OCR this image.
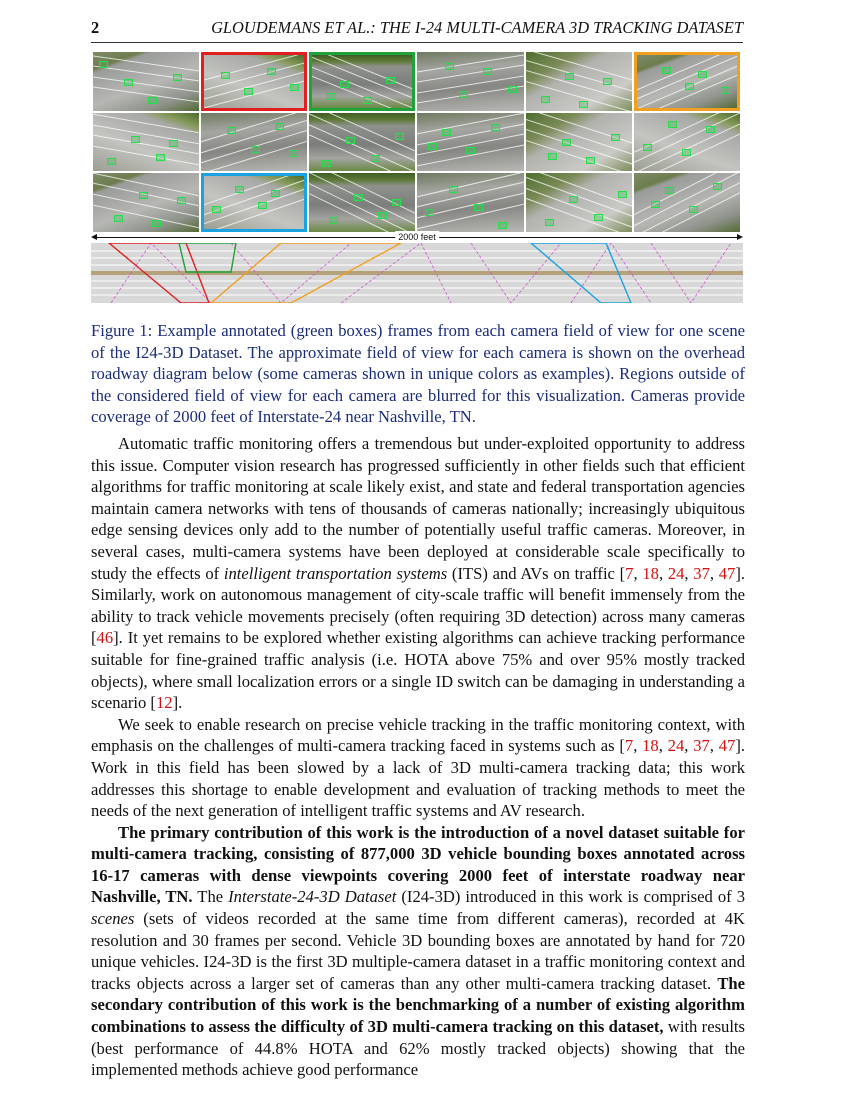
2	GLOUDEMANS ET AL.: THE I-24 MULTI-CAMERA 3D TRACKING DATASET
2000 feet

Figure 1: Example annotated (green boxes) frames from each camera field of view for one scene of the I24-3D Dataset. The approximate field of view for each camera is shown on the overhead roadway diagram below (some cameras shown in unique colors as examples). Regions outside of the considered field of view for each camera are blurred for this visualization. Cameras provide coverage of 2000 feet of Interstate-24 near Nashville, TN.

Automatic traffic monitoring offers a tremendous but under-exploited opportunity to address this issue. Computer vision research has progressed sufficiently in other fields such that efficient algorithms for traffic monitoring at scale likely exist, and state and federal transportation agencies maintain camera networks with tens of thousands of cameras nationally; increasingly ubiquitous edge sensing devices only add to the number of potentially useful traffic cameras. Moreover, in several cases, multi-camera systems have been deployed at considerable scale specifically to study the effects of intelligent transportation systems (ITS) and AVs on traffic [7, 18, 24, 37, 47]. Similarly, work on autonomous management of city-scale traffic will benefit immensely from the ability to track vehicle movements precisely (often requiring 3D detection) across many cameras [46]. It yet remains to be explored whether existing algorithms can achieve tracking performance suitable for fine-grained traffic analysis (i.e. HOTA above 75% and over 95% mostly tracked objects), where small localization errors or a single ID switch can be damaging in understanding a scenario [12].

We seek to enable research on precise vehicle tracking in the traffic monitoring context, with emphasis on the challenges of multi-camera tracking faced in systems such as [7, 18, 24, 37, 47]. Work in this field has been slowed by a lack of 3D multi-camera tracking data; this work addresses this shortage to enable development and evaluation of tracking methods to meet the needs of the next generation of intelligent traffic systems and AV research.

The primary contribution of this work is the introduction of a novel dataset suitable for multi-camera tracking, consisting of 877,000 3D vehicle bounding boxes annotated across 16-17 cameras with dense viewpoints covering 2000 feet of interstate roadway near Nashville, TN. The Interstate-24-3D Dataset (I24-3D) introduced in this work is comprised of 3 scenes (sets of videos recorded at the same time from different cameras), recorded at 4K resolution and 30 frames per second. Vehicle 3D bounding boxes are annotated by hand for 720 unique vehicles. I24-3D is the first 3D multiple-camera dataset in a traffic monitoring context and tracks objects across a larger set of cameras than any other multi-camera tracking dataset. The secondary contribution of this work is the benchmarking of a number of existing algorithm combinations to assess the difficulty of 3D multi-camera tracking on this dataset, with results (best performance of 44.8% HOTA and 62% mostly tracked objects) showing that the implemented methods achieve good performance
